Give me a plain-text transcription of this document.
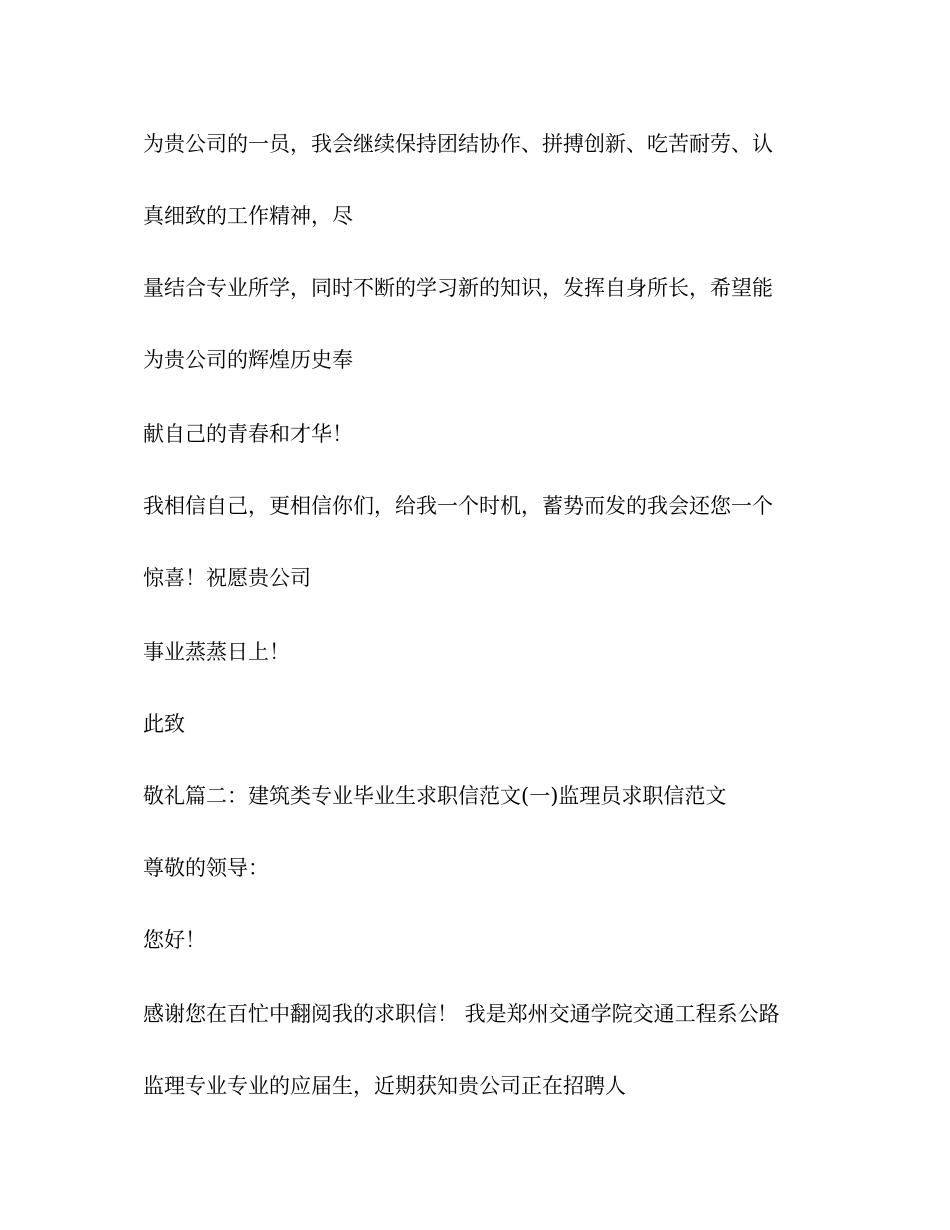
为贵公司的一员，我会继续保持团结协作、拼搏创新、吃苦耐劳、认

真细致的工作精神，尽

量结合专业所学，同时不断的学习新的知识，发挥自身所长，希望能

为贵公司的辉煌历史奉

献自己的青春和才华！

我相信自己，更相信你们，给我一个时机，蓄势而发的我会还您一个

惊喜！祝愿贵公司

事业蒸蒸日上！

此致

敬礼篇二：建筑类专业毕业生求职信范文(一)监理员求职信范文

尊敬的领导：

您好！

感谢您在百忙中翻阅我的求职信！ 我是郑州交通学院交通工程系公路

监理专业专业的应届生，近期获知贵公司正在招聘人
